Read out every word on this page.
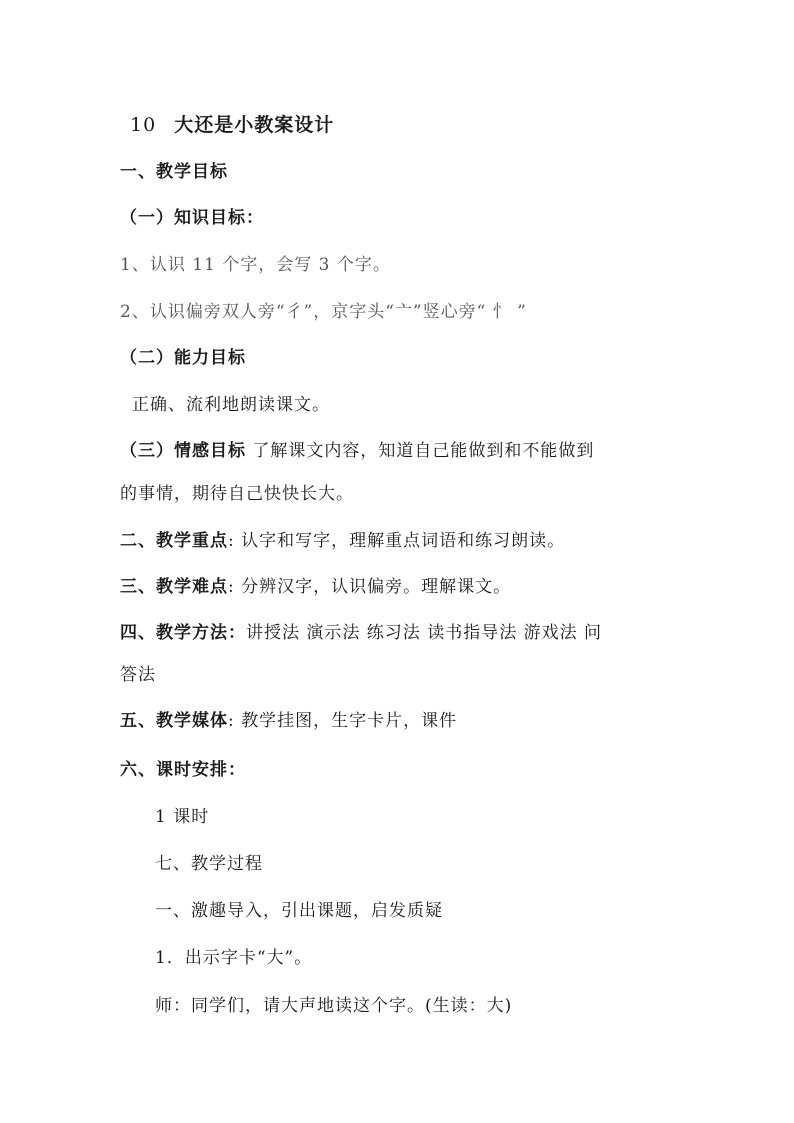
10 大还是小教案设计
一、教学目标
（一）知识目标：
1、认识 11 个字，会写 3 个字。
2、认识偏旁双人旁“彳”，京字头“亠”竖心旁“ 忄 ”
（二）能力目标
正确、流利地朗读课文。
（三）情感目标 了解课文内容，知道自己能做到和不能做到
的事情，期待自己快快长大。
二、教学重点: 认字和写字，理解重点词语和练习朗读。
三、教学难点: 分辨汉字，认识偏旁。理解课文。
四、教学方法：讲授法 演示法 练习法 读书指导法 游戏法 问
答法
五、教学媒体: 教学挂图，生字卡片，课件
六、课时安排：
1 课时
七、教学过程
一、激趣导入，引出课题，启发质疑
1．出示字卡“大”。
师：同学们，请大声地读这个字。(生读：大)
